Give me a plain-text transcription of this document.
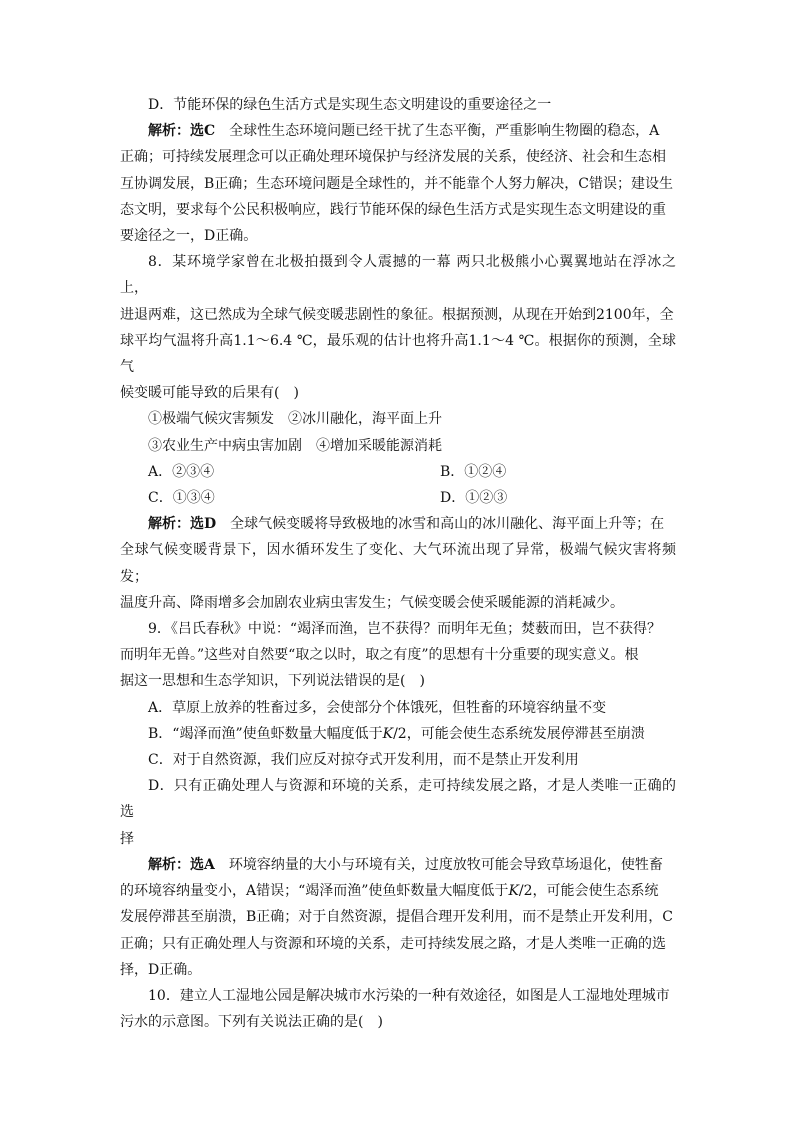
D．节能环保的绿色生活方式是实现生态文明建设的重要途径之一

解析：选C　 全球性生态环境问题已经干扰了生态平衡，严重影响生物圈的稳态，A

正确；可持续发展理念可以正确处理环境保护与经济发展的关系，使经济、社会和生态相

互协调发展，B正确；生态环境问题是全球性的，并不能靠个人努力解决，C错误；建设生

态文明，要求每个公民积极响应，践行节能环保的绿色生活方式是实现生态文明建设的重

要途径之一，D正确。

8．某环境学家曾在北极拍摄到令人震撼的一幕 两只北极熊小心翼翼地站在浮冰之上，

进退两难，这已然成为全球气候变暖悲剧性的象征。根据预测，从现在开始到2100年，全

球平均气温将升高1.1～6.4 ℃，最乐观的估计也将升高1.1～4 ℃。根据你的预测，全球气

候变暖可能导致的后果有(　)

①极端气候灾害频发　②冰川融化，海平面上升

③农业生产中病虫害加剧　④增加采暖能源消耗

A．②③④	B．①②④
C．①③④	D．①②③

解析：选D　 全球气候变暖将导致极地的冰雪和高山的冰川融化、海平面上升等；在

全球气候变暖背景下，因水循环发生了变化、大气环流出现了异常，极端气候灾害将频发；

温度升高、降雨增多会加剧农业病虫害发生；气候变暖会使采暖能源的消耗减少。

9．《吕氏春秋》中说：“竭泽而渔，岂不获得？而明年无鱼；焚薮而田，岂不获得？

而明年无兽。”这些对自然要“取之以时，取之有度”的思想有十分重要的现实意义。根

据这一思想和生态学知识，下列说法错误的是(　)

A．草原上放养的牲畜过多，会使部分个体饿死，但牲畜的环境容纳量不变

B．“竭泽而渔”使鱼虾数量大幅度低于K/2，可能会使生态系统发展停滞甚至崩溃

C．对于自然资源，我们应反对掠夺式开发利用，而不是禁止开发利用

D．只有正确处理人与资源和环境的关系，走可持续发展之路，才是人类唯一正确的选

择

解析：选A　 环境容纳量的大小与环境有关，过度放牧可能会导致草场退化，使牲畜

的环境容纳量变小，A错误；“竭泽而渔”使鱼虾数量大幅度低于K/2，可能会使生态系统

发展停滞甚至崩溃，B正确；对于自然资源，提倡合理开发利用，而不是禁止开发利用，C

正确；只有正确处理人与资源和环境的关系，走可持续发展之路，才是人类唯一正确的选

择，D正确。

10．建立人工湿地公园是解决城市水污染的一种有效途径，如图是人工湿地处理城市

污水的示意图。下列有关说法正确的是(　)
